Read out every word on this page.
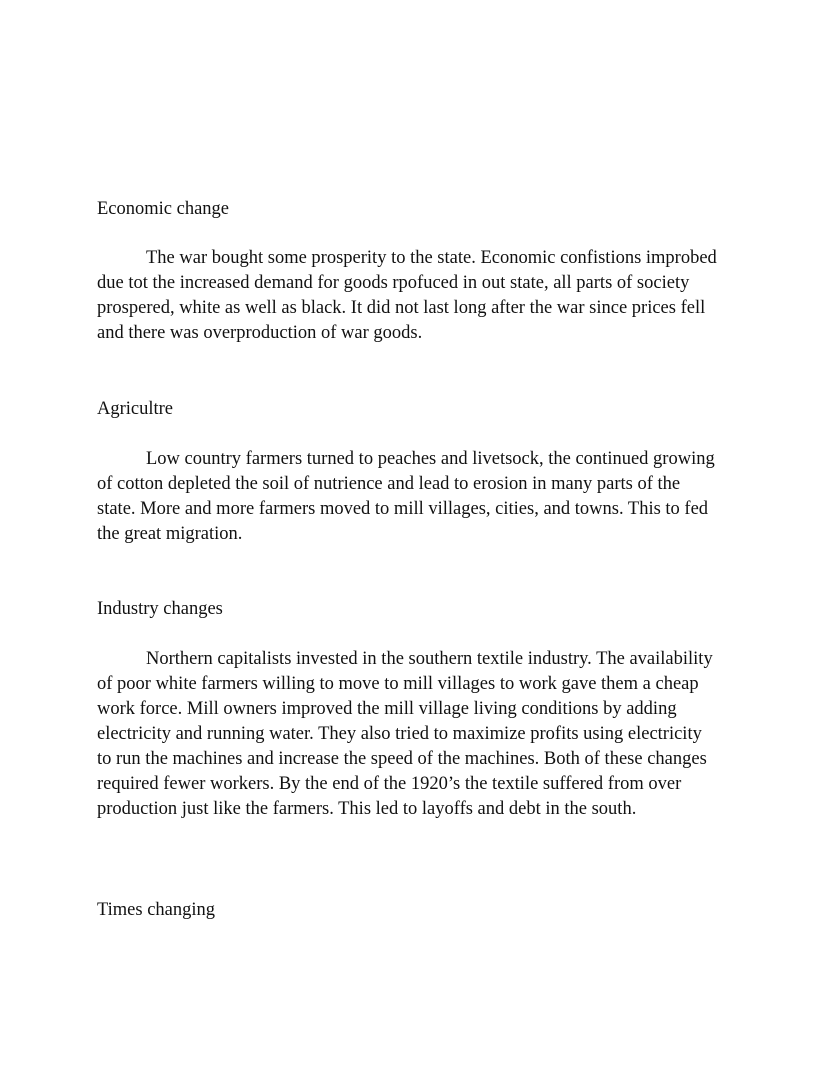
Economic change
The war bought some prosperity to the state. Economic confistions improbed
due tot the increased demand for goods rpofuced in out state, all parts of society
prospered, white as well as black. It did not last long after the war since prices fell
and there was overproduction of war goods.
Agricultre
Low country farmers turned to peaches and livetsock, the continued growing
of cotton depleted the soil of nutrience and lead to erosion in many parts of the
state. More and more farmers moved to mill villages, cities, and towns. This to fed
the great migration.
Industry changes
Northern capitalists invested in the southern textile industry. The availability
of poor white farmers willing to move to mill villages to work gave them a cheap
work force. Mill owners improved the mill village living conditions by adding
electricity and running water. They also tried to maximize profits using electricity
to run the machines and increase the speed of the machines. Both of these changes
required fewer workers. By the end of the 1920’s the textile suffered from over
production just like the farmers. This led to layoffs and debt in the south.
Times changing
